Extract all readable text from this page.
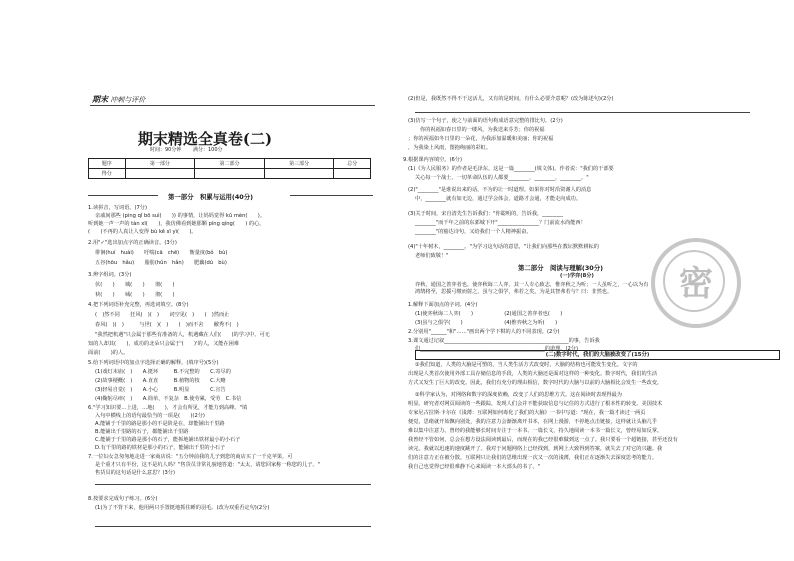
期末 冲刺与评价
期末精选全真卷(二)
时间：90分钟　　 满分：100分
题序	第一部分	第二部分	第三部分	总分
得分				
第一部分　积累与运用(40分)
1.读拼音，写词语。(7分)
亲戚间那些 (ping qǐ bō suì(　　)) 的事情，让妈妈觉得 kǔ mèn(　　)。
听到她一声一声的 tàn xī(　　)，我仿佛看到她那颗 píng qíng(　　) 的心。
(　　)不再的人真让人变得 bù kě sī yì(　　)。
2.用"✓"选出加点字的正确读音。(3分)
徘徊(huí　huái)　　吁喘(cā　chē)　　衡量度(bǒ　bù)
五谷(hōu　hǎu)　　脂肪(hǔn　hǎn)　　肥藕(dú　bù)
3.辨字组词。(3分)
伏(　　)　　城(　　)　　彻(　　)
袂(　　)　　堿(　　)　　彻(　　)
4.把下列词语补充完整，再选词填空。(8分)
(　)然不同　　狂风(　)(　)　　词空见(　)　　(　)然而止
春风(　)(　)　　　与世(　)(　)　　(　)而不舍　　敝秀不(　)
"我然把机遇"只会属于那些有准备的人，机遇藏在人们(　　)的学习中。可无
知的人却其(　　)，成功的北朵只会属于'(　　)'的人，又能在困难
面前(　　)的人。
5.给下列词语中的加点字选择正确的解释。(填序号)(5分)
(1)戏灯末庙(　)　　A.挺环　　　B.不完整的　　C.寄尽的
(2)故事梗概(　)　　A.直直　　　B.植物的枝　　C.大略
(3)轻易自觉(　)　　A.小心　　　B.明显　　　　C.宣告
(4)鞠躬尽瘁(　)　　A.简单，不复杂　B.使劳累，受劳　C.书信
6."学习知识要…上进，…地(　　)，才会有所见，才能力到高峰。"填
入句中横线上的语句最恰当的一项是(　　)(2分)
A.能铺于千里的路是那小的不是阶是在，却能铺出千里路
B.能铺出千里路的石子，都能铺出千里路
C.能铺于千里的路是那小的石子，能拆地铺出铁材最小的小石子
D.有千里的路的铁材是那小的石子，能铺出千里的小石子
7.一位妇女急匆匆地走进一家商店说："五分钟前我的儿子到您的商店买了一千克苹果，可
是个重才只有半份，这不是坑人吗？"售货员非常礼貌地答道："太太，请您回家称一称您的儿子。"
售货员的这句话是什么意思？(3分)
8.按要求完成句子练习。(6分)
(1)为了不背下来，他用两只手置挺地抓住睡的羽毛。(改为双重否定句)(2分)
(2)但是，我既然不得不干这活儿，又有的是时间，有什么必要介意呢？(改为陈述句)(2分)
(3)仿写一个句子，使之与前面的语句构成语意完整的排比句。(2分)
你的祝福如春日里的一缕风，为我送来芬芳；你的祝福
；你的祝福如冬日里的一朵花，为我添加温暖和美丽；你的祝福
，为我染上风雨，图抱绚丽的彩虹。
9.根据课内容填空。(6分)
(1)《为人民服务》的作者是毛泽东。这是一篇________(填文体)。作者说："我们的干部要
关心每一个战士，一切革命队伍的人都要________，________，________。"
(2)"________"是谁说出来的话，不为的让一时道理。如果你对时沿资谢人的消息
中，________就有如无边，通过学会体会，道路才会通，才能走向成功。
(3)关于时间，宋自清先生告诉我们："你聪明的，告诉我，________
________"而千年之前的东郭城下开"________________？门前流水尚能西！
________"的豁达诗句，又给我们一个人精神振奋。
(4)"十年树木，________。"为学习这句话的意思，"让我们向那些在教坛默默耕耘的
老师们致敬！"
第二部分　阅读与理解(30分)
(一)学弈(8分)
弈秋，通国之善弈者也。使弈秋诲二人弈，其一人专心致志，惟弈秋之为听；一人虽听之，一心以为有鸿鹄将至，思援弓缴而射之，虽与之俱学，弗若之矣。为是其智弗若与？曰：非然也。
1.解释下面加点的字词。(4分)
(1)使弈秋诲二人弈(　　)　　　　　　(2)通国之善弈者也(　　)
(3)虽与之俱学(　　)　　　　　　　　(4)惟弈秋之为听(　　)
2.分别用"______"和"……"画出两个学下棋的人的不同表现。(2分)
3.课文通过记叙________________________________________________的事，告诉我
们________________________________________________的道理。(2分)
(二)数字时代，我们的大脑被改变了(15分)
①我们知道，人类的大脑是可塑的，当人类生活方式改变时，大脑的结构也可能发生变化。文字的
出现是人类首次使用外部工具存储信息的手段，人类的大脑还是面对这样的一种变化。数字时代，我们的生活
方式又发生了巨大的改变。因此，我们有充分的理由相信，数字时代的大脑与以前的大脑相比会发生一些改变。
②科学家认为，对网络和数字的深度依赖，改变了人们的思维方式。这在阅读时表现得最为
明显。研究者对网页阅读的一些跟踪，发现人们会并不能获取信息与记住的方式进行了根本性的转变。美国技术
专家尼古拉斯·卡尔在《浅薄：互联网如何毒化了我们的大脑》一书中写道："现在，我一篇才读过一两页
便觉，思绪就开始飘向别处，我的注意力会渐渐离开书本，在网上漫游，不停地点击链接，这样就让头脑几乎
难以集中注意力。曾经的我能够长时间专注于一本书、一篇长文，持久地阅读一本书一篇长文，曾经易如反掌。
我曾经不管如何，总会在想方设法阅读到最后，而现在的我已经很难做到这一点了。我只要看一个超链接，甚至还没有
读完，我就以迅速的速度跳开了。我对于问题网络上已经找到，到网上大致得到答案，就失去了对它的兴趣。我
们的注意力正在被分散。互联网只让我们的思维出现一次又一次的浅薄，我们正在逐渐失去深度思考的能力。
我自己也觉得已经很难静下心来阅读一本大部头的书了。"
密
